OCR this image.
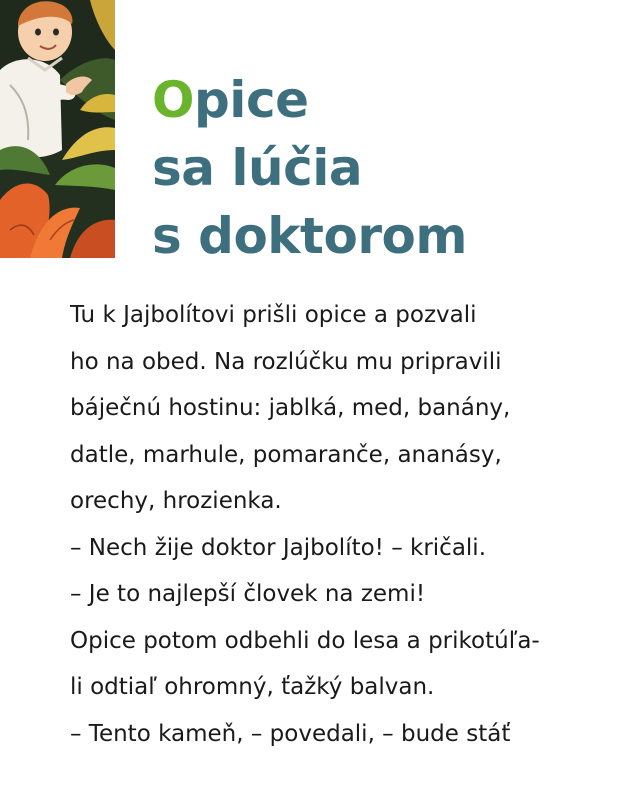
Opice
sa lúčia
s doktorom
Tu k Jajbolítovi prišli opice a pozvali
ho na obed. Na rozlúčku mu pripravili
báječnú hostinu: jablká, med, banány,
datle, marhule, pomaranče, ananásy,
orechy, hrozienka.
– Nech žije doktor Jajbolíto! – kričali.
– Je to najlepší človek na zemi!
Opice potom odbehli do lesa a prikotúľa-
li odtiaľ ohromný, ťažký balvan.
– Tento kameň, – povedali, – bude stáť
